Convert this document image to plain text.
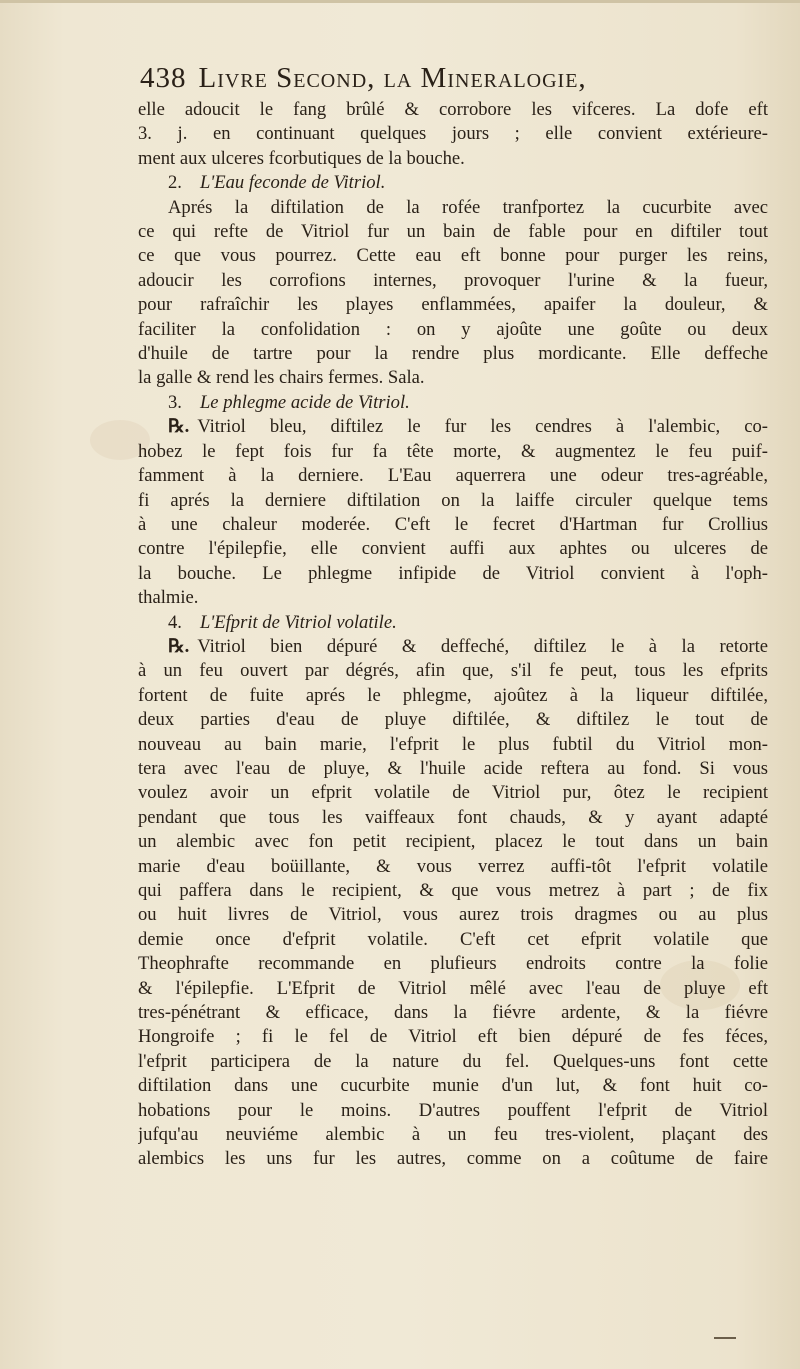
438 Livre Second, la Mineralogie,
elle adoucit le fang brûlé & corrobore les vifceres. La dofe eft
3. j. en continuant quelques jours ; elle convient extérieure-
ment aux ulceres fcorbutiques de la bouche.
2. L'Eau feconde de Vitriol.
Aprés la diftilation de la rofée tranfportez la cucurbite avec
ce qui refte de Vitriol fur un bain de fable pour en diftiler tout
ce que vous pourrez. Cette eau eft bonne pour purger les reins,
adoucir les corrofions internes, provoquer l'urine & la fueur,
pour rafraîchir les playes enflammées, apaifer la douleur, &
faciliter la confolidation : on y ajoûte une goûte ou deux
d'huile de tartre pour la rendre plus mordicante. Elle deffeche
la galle & rend les chairs fermes. Sala.
3. Le phlegme acide de Vitriol.
℞. Vitriol bleu, diftilez le fur les cendres à l'alembic, co-
hobez le fept fois fur fa tête morte, & augmentez le feu puif-
famment à la derniere. L'Eau aquerrera une odeur tres-agréable,
fi aprés la derniere diftilation on la laiffe circuler quelque tems
à une chaleur moderée. C'eft le fecret d'Hartman fur Crollius
contre l'épilepfie, elle convient auffi aux aphtes ou ulceres de
la bouche. Le phlegme infipide de Vitriol convient à l'oph-
thalmie.
4. L'Efprit de Vitriol volatile.
℞. Vitriol bien dépuré & deffeché, diftilez le à la retorte
à un feu ouvert par dégrés, afin que, s'il fe peut, tous les efprits
fortent de fuite aprés le phlegme, ajoûtez à la liqueur diftilée,
deux parties d'eau de pluye diftilée, & diftilez le tout de
nouveau au bain marie, l'efprit le plus fubtil du Vitriol mon-
tera avec l'eau de pluye, & l'huile acide reftera au fond. Si vous
voulez avoir un efprit volatile de Vitriol pur, ôtez le recipient
pendant que tous les vaiffeaux font chauds, & y ayant adapté
un alembic avec fon petit recipient, placez le tout dans un bain
marie d'eau boüillante, & vous verrez auffi-tôt l'efprit volatile
qui paffera dans le recipient, & que vous metrez à part ; de fix
ou huit livres de Vitriol, vous aurez trois dragmes ou au plus
demie once d'efprit volatile. C'eft cet efprit volatile que
Theophrafte recommande en plufieurs endroits contre la folie
& l'épilepfie. L'Efprit de Vitriol mêlé avec l'eau de pluye eft
tres-pénétrant & efficace, dans la fiévre ardente, & la fiévre
Hongroife ; fi le fel de Vitriol eft bien dépuré de fes féces,
l'efprit participera de la nature du fel. Quelques-uns font cette
diftilation dans une cucurbite munie d'un lut, & font huit co-
hobations pour le moins. D'autres pouffent l'efprit de Vitriol
jufqu'au neuviéme alembic à un feu tres-violent, plaçant des
alembics les uns fur les autres, comme on a coûtume de faire
